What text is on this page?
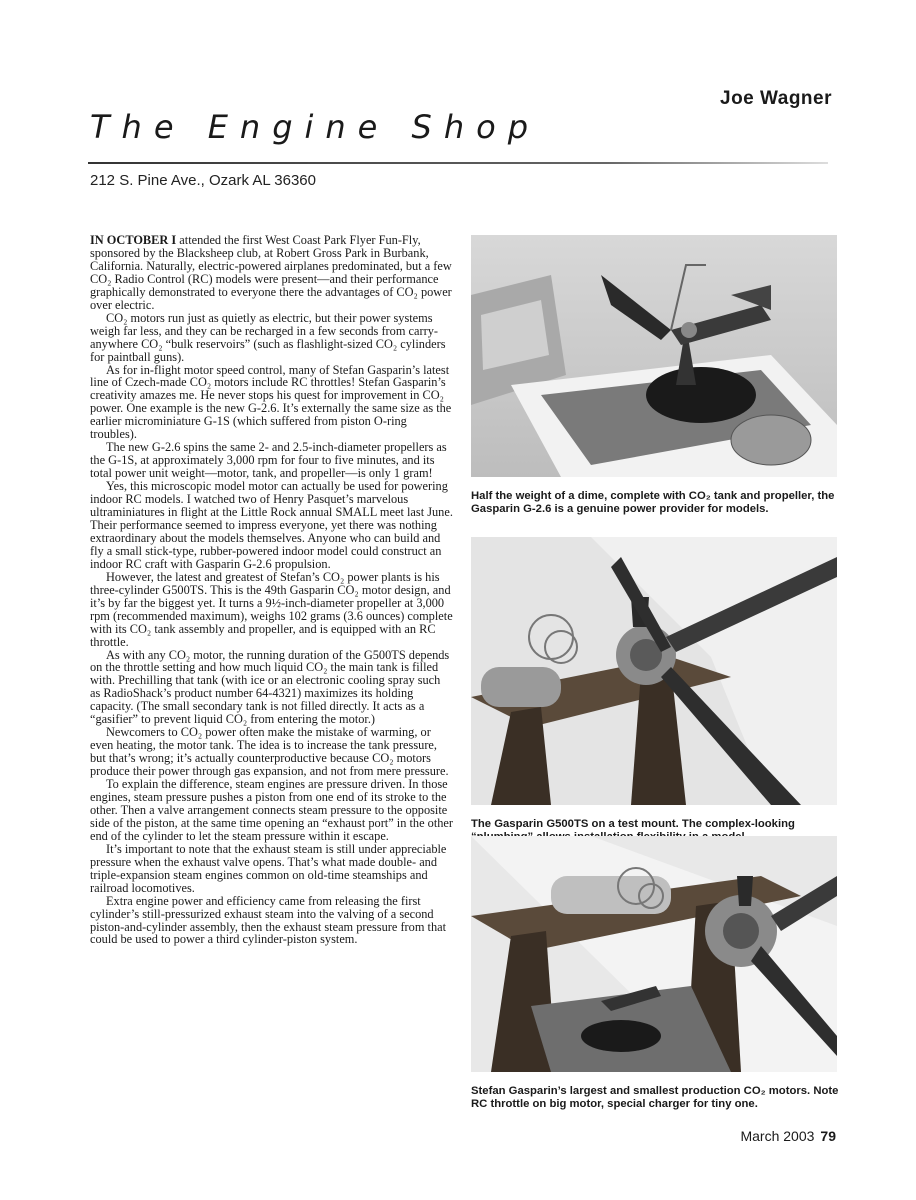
Joe Wagner
The Engine Shop
212 S. Pine Ave., Ozark AL 36360

IN OCTOBER I attended the first West Coast Park Flyer Fun-Fly, sponsored by the Blacksheep club, at Robert Gross Park in Burbank, California. Naturally, electric-powered airplanes predominated, but a few CO₂ Radio Control (RC) models were present—and their performance graphically demonstrated to everyone there the advantages of CO₂ power over electric.

CO₂ motors run just as quietly as electric, but their power systems weigh far less, and they can be recharged in a few seconds from carry-anywhere CO₂ “bulk reservoirs” (such as flashlight-sized CO₂ cylinders for paintball guns).

As for in-flight motor speed control, many of Stefan Gasparin’s latest line of Czech-made CO₂ motors include RC throttles! Stefan Gasparin’s creativity amazes me. He never stops his quest for improvement in CO₂ power. One example is the new G-2.6. It’s externally the same size as the earlier microminiature G-1S (which suffered from piston O-ring troubles).

The new G-2.6 spins the same 2- and 2.5-inch-diameter propellers as the G-1S, at approximately 3,000 rpm for four to five minutes, and its total power unit weight—motor, tank, and propeller—is only 1 gram!

Yes, this microscopic model motor can actually be used for powering indoor RC models. I watched two of Henry Pasquet’s marvelous ultraminiatures in flight at the Little Rock annual SMALL meet last June. Their performance seemed to impress everyone, yet there was nothing extraordinary about the models themselves. Anyone who can build and fly a small stick-type, rubber-powered indoor model could construct an indoor RC craft with Gasparin G-2.6 propulsion.

However, the latest and greatest of Stefan’s CO₂ power plants is his three-cylinder G500TS. This is the 49th Gasparin CO₂ motor design, and it’s by far the biggest yet. It turns a 9½-inch-diameter propeller at 3,000 rpm (recommended maximum), weighs 102 grams (3.6 ounces) complete with its CO₂ tank assembly and propeller, and is equipped with an RC throttle.

As with any CO₂ motor, the running duration of the G500TS depends on the throttle setting and how much liquid CO₂ the main tank is filled with. Prechilling that tank (with ice or an electronic cooling spray such as RadioShack’s product number 64-4321) maximizes its holding capacity. (The small secondary tank is not filled directly. It acts as a “gasifier” to prevent liquid CO₂ from entering the motor.)

Newcomers to CO₂ power often make the mistake of warming, or even heating, the motor tank. The idea is to increase the tank pressure, but that’s wrong; it’s actually counterproductive because CO₂ motors produce their power through gas expansion, and not from mere pressure.

To explain the difference, steam engines are pressure driven. In those engines, steam pressure pushes a piston from one end of its stroke to the other. Then a valve arrangement connects steam pressure to the opposite side of the piston, at the same time opening an “exhaust port” in the other end of the cylinder to let the steam pressure within it escape.

It’s important to note that the exhaust steam is still under appreciable pressure when the exhaust valve opens. That’s what made double- and triple-expansion steam engines common on old-time steamships and railroad locomotives.

Extra engine power and efficiency came from releasing the first cylinder’s still-pressurized exhaust steam into the valving of a second piston-and-cylinder assembly, then the exhaust steam pressure from that could be used to power a third cylinder-piston system.

Half the weight of a dime, complete with CO₂ tank and propeller, the Gasparin G-2.6 is a genuine power provider for models.
The Gasparin G500TS on a test mount. The complex-looking
Stefan Gasparin’s largest and smallest production CO₂ motors. Note RC throttle on big motor, special charger for tiny one.
March 2003 79
